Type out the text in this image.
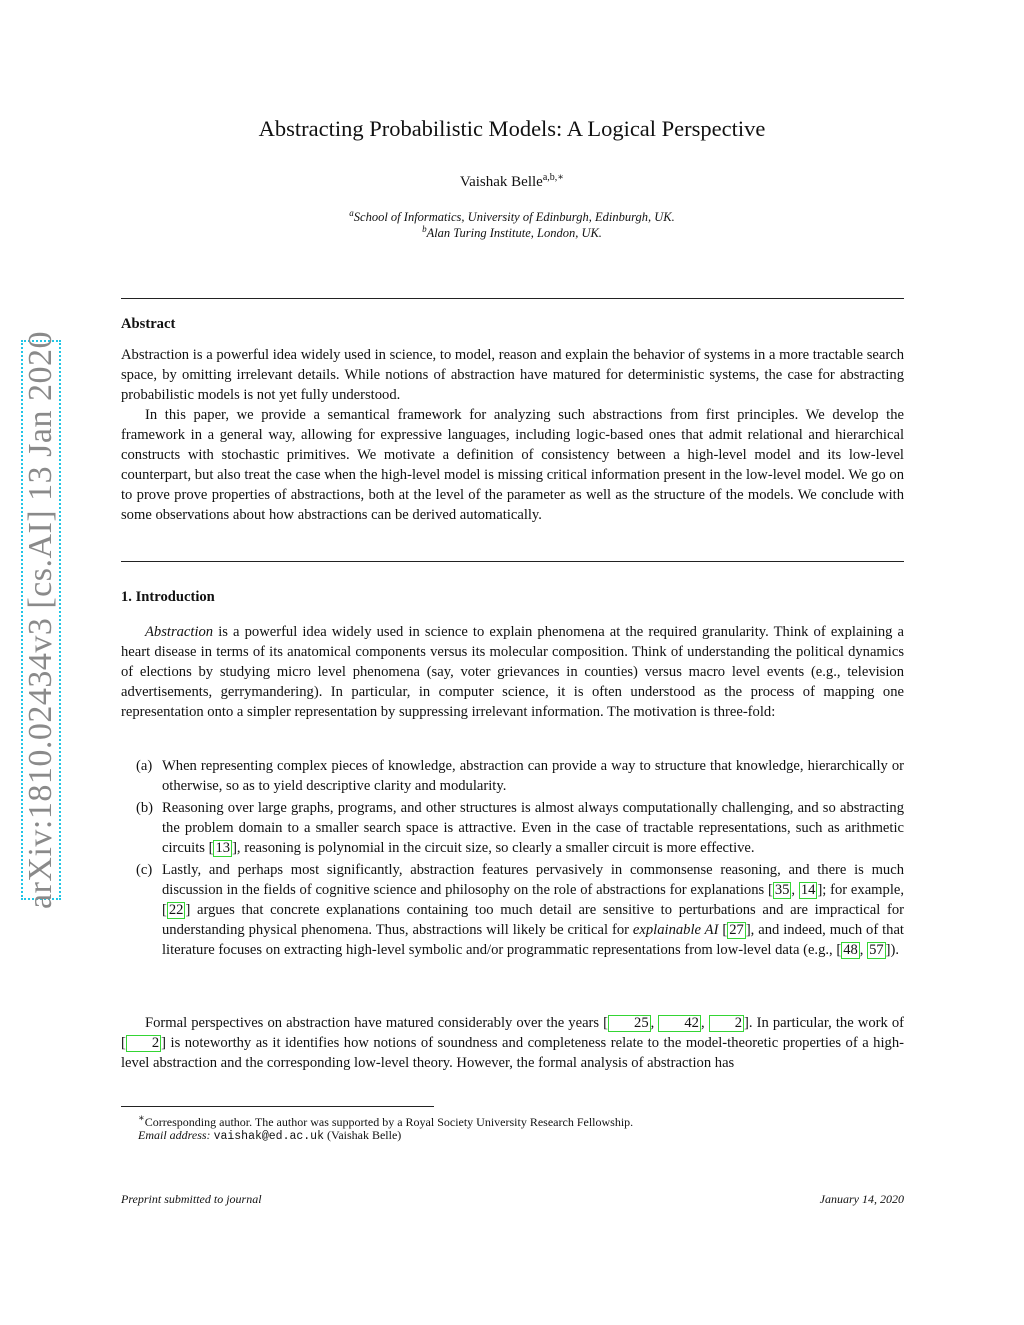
arXiv:1810.02434v3 [cs.AI] 13 Jan 2020
Abstracting Probabilistic Models: A Logical Perspective
Vaishak Belle$^{a,b,∗}$
$^a$School of Informatics, University of Edinburgh, Edinburgh, UK.
$^b$Alan Turing Institute, London, UK.
Abstract

Abstraction is a powerful idea widely used in science, to model, reason and explain the behavior of systems in a more tractable search space, by omitting irrelevant details. While notions of abstraction have matured for deterministic systems, the case for abstracting probabilistic models is not yet fully understood.

In this paper, we provide a semantical framework for analyzing such abstractions from first principles. We develop the framework in a general way, allowing for expressive languages, including logic-based ones that admit relational and hierarchical constructs with stochastic primitives. We motivate a definition of consistency between a high-level model and its low-level counterpart, but also treat the case when the high-level model is missing critical information present in the low-level model. We go on to prove prove properties of abstractions, both at the level of the parameter as well as the structure of the models. We conclude with some observations about how abstractions can be derived automatically.

1. Introduction

Abstraction is a powerful idea widely used in science to explain phenomena at the required granularity. Think of explaining a heart disease in terms of its anatomical components versus its molecular composition. Think of understanding the political dynamics of elections by studying micro level phenomena (say, voter grievances in counties) versus macro level events (e.g., television advertisements, gerrymandering). In particular, in computer science, it is often understood as the process of mapping one representation onto a simpler representation by suppressing irrelevant information. The motivation is three-fold:

(a) When representing complex pieces of knowledge, abstraction can provide a way to structure that knowledge, hierarchically or otherwise, so as to yield descriptive clarity and modularity.
(b) Reasoning over large graphs, programs, and other structures is almost always computationally challenging, and so abstracting the problem domain to a smaller search space is attractive. Even in the case of tractable representations, such as arithmetic circuits [ 13 ], reasoning is polynomial in the circuit size, so clearly a smaller circuit is more effective.
(c) Lastly, and perhaps most significantly, abstraction features pervasively in commonsense reasoning, and there is much discussion in the fields of cognitive science and philosophy on the role of abstractions for explanations [ 35 , 14 ]; for example, [ 22 ] argues that concrete explanations containing too much detail are sensitive to perturbations and are impractical for understanding physical phenomena. Thus, abstractions will likely be critical for explainable AI [ 27 ], and indeed, much of that literature focuses on extracting high-level symbolic and/or programmatic representations from low-level data (e.g., [ 48 , 57 ]).

Formal perspectives on abstraction have matured considerably over the years [ 25 , 42 , 2 ]. In particular, the work of [ 2 ] is noteworthy as it identifies how notions of soundness and completeness relate to the model-theoretic properties of a high-level abstraction and the corresponding low-level theory. However, the formal analysis of abstraction has

∗Corresponding author. The author was supported by a Royal Society University Research Fellowship.
Email address: vaishak@ed.ac.uk (Vaishak Belle)
Preprint submitted to journal	January 14, 2020
